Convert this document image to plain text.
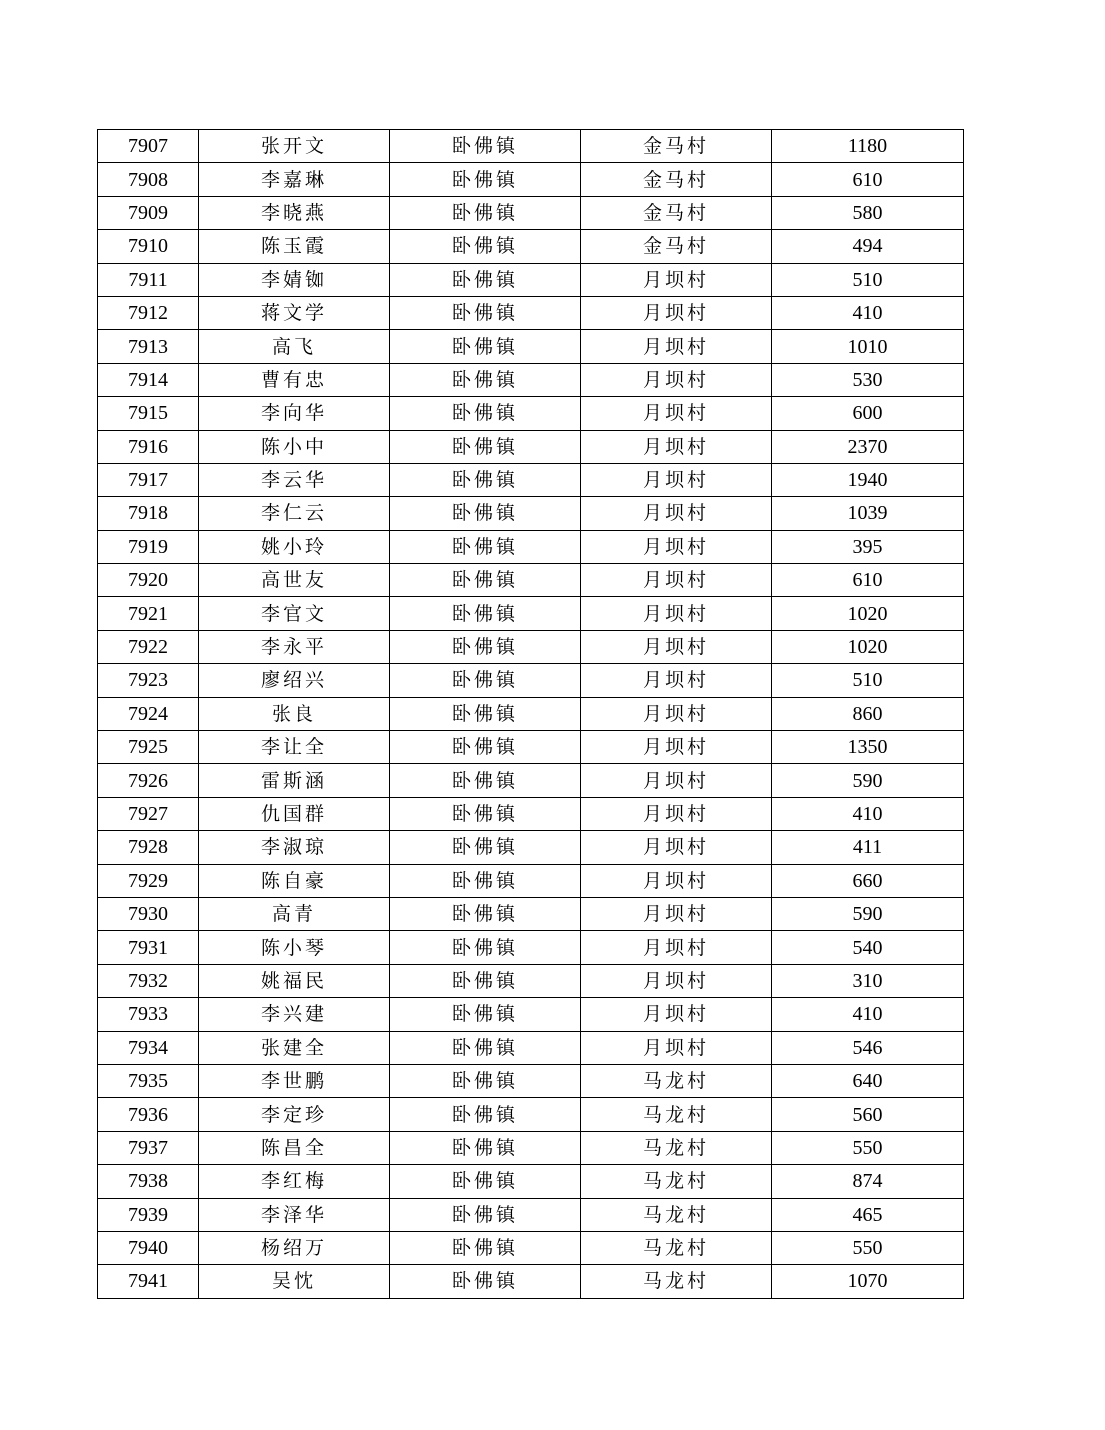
7907	张开文	卧佛镇	金马村	1180
7908	李嘉琳	卧佛镇	金马村	610
7909	李晓燕	卧佛镇	金马村	580
7910	陈玉霞	卧佛镇	金马村	494
7911	李婧铷	卧佛镇	月坝村	510
7912	蒋文学	卧佛镇	月坝村	410
7913	高飞	卧佛镇	月坝村	1010
7914	曹有忠	卧佛镇	月坝村	530
7915	李向华	卧佛镇	月坝村	600
7916	陈小中	卧佛镇	月坝村	2370
7917	李云华	卧佛镇	月坝村	1940
7918	李仁云	卧佛镇	月坝村	1039
7919	姚小玲	卧佛镇	月坝村	395
7920	高世友	卧佛镇	月坝村	610
7921	李官文	卧佛镇	月坝村	1020
7922	李永平	卧佛镇	月坝村	1020
7923	廖绍兴	卧佛镇	月坝村	510
7924	张良	卧佛镇	月坝村	860
7925	李让全	卧佛镇	月坝村	1350
7926	雷斯涵	卧佛镇	月坝村	590
7927	仇国群	卧佛镇	月坝村	410
7928	李淑琼	卧佛镇	月坝村	411
7929	陈自豪	卧佛镇	月坝村	660
7930	高青	卧佛镇	月坝村	590
7931	陈小琴	卧佛镇	月坝村	540
7932	姚福民	卧佛镇	月坝村	310
7933	李兴建	卧佛镇	月坝村	410
7934	张建全	卧佛镇	月坝村	546
7935	李世鹏	卧佛镇	马龙村	640
7936	李定珍	卧佛镇	马龙村	560
7937	陈昌全	卧佛镇	马龙村	550
7938	李红梅	卧佛镇	马龙村	874
7939	李泽华	卧佛镇	马龙村	465
7940	杨绍万	卧佛镇	马龙村	550
7941	吴忱	卧佛镇	马龙村	1070
